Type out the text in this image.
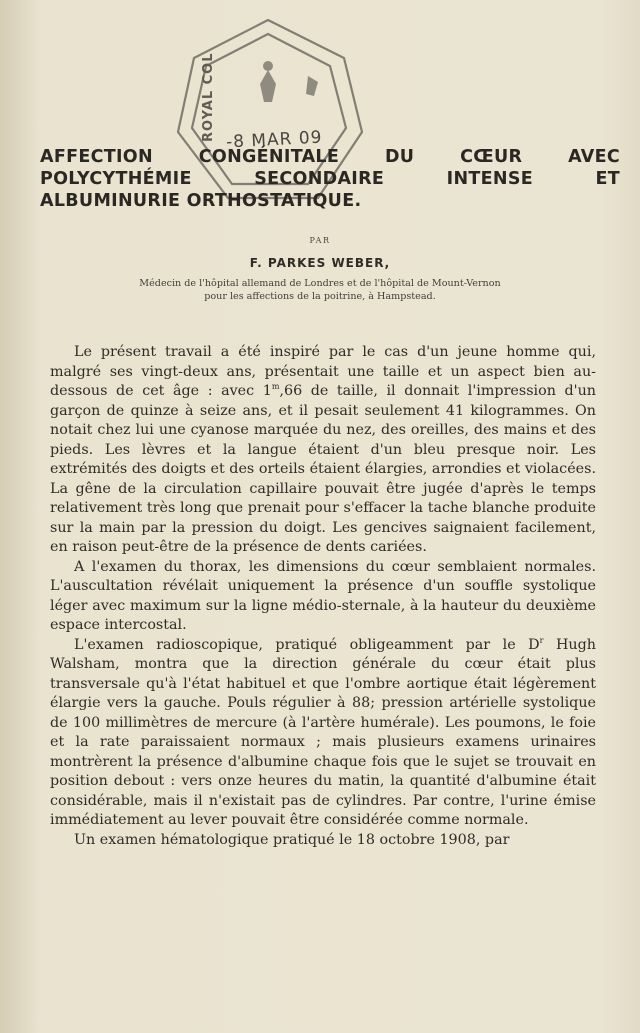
ROYAL COL -8 MAR 09
AFFECTION CONGÉNITALE DU CŒUR AVEC
POLYCYTHÉMIE SECONDAIRE INTENSE ET
ALBUMINURIE ORTHOSTATIQUE.
PAR
F. PARKES WEBER,
Médecin de l'hôpital allemand de Londres et de l'hôpital de Mount-Vernon
pour les affections de la poitrine, à Hampstead.

Le présent travail a été inspiré par le cas d'un jeune homme qui, malgré ses vingt-deux ans, présentait une taille et un aspect bien au-dessous de cet âge : avec 1$^m$,66 de taille, il donnait l'impression d'un garçon de quinze à seize ans, et il pesait seulement 41 kilogrammes. On notait chez lui une cyanose marquée du nez, des oreilles, des mains et des pieds. Les lèvres et la langue étaient d'un bleu presque noir. Les extrémités des doigts et des orteils étaient élargies, arrondies et violacées. La gêne de la circulation capillaire pouvait être jugée d'après le temps relativement très long que prenait pour s'effacer la tache blanche produite sur la main par la pression du doigt. Les gencives saignaient facilement, en raison peut-être de la présence de dents cariées.

A l'examen du thorax, les dimensions du cœur semblaient normales. L'auscultation révélait uniquement la présence d'un souffle systolique léger avec maximum sur la ligne médio-sternale, à la hauteur du deuxième espace intercostal.

L'examen radioscopique, pratiqué obligeamment par le $D^r$ Hugh Walsham, montra que la direction générale du cœur était plus transversale qu'à l'état habituel et que l'ombre aortique était légèrement élargie vers la gauche. Pouls régulier à 88; pression artérielle systolique de 100 millimètres de mercure (à l'artère humérale). Les poumons, le foie et la rate paraissaient normaux ; mais plusieurs examens urinaires montrèrent la présence d'albumine chaque fois que le sujet se trouvait en position debout : vers onze heures du matin, la quantité d'albumine était considérable, mais il n'existait pas de cylindres. Par contre, l'urine émise immédiatement au lever pouvait être considérée comme normale.

Un examen hématologique pratiqué le 18 octobre 1908, par
